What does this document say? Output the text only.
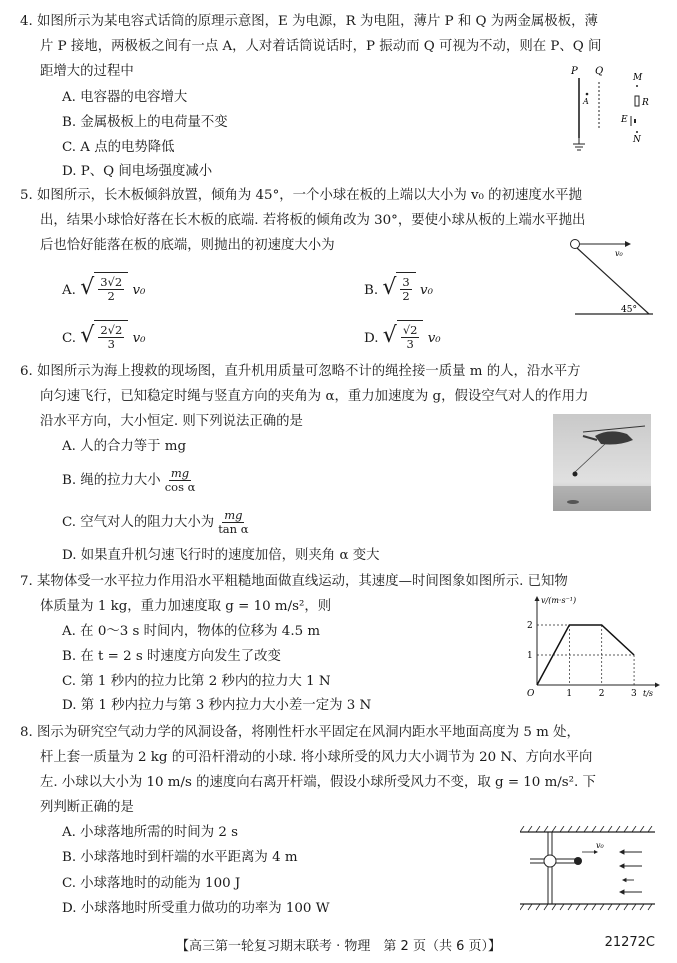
4. 如图所示为某电容式话筒的原理示意图，E 为电源，R 为电阻，薄片 P 和 Q 为两金属极板，薄
片 P 接地，两极板之间有一点 A，人对着话筒说话时，P 振动而 Q 可视为不动，则在 P、Q 间
距增大的过程中
A. 电容器的电容增大
B. 金属极板上的电荷量不变
C. A 点的电势降低
D. P、Q 间电场强度减小
P Q
A
M
R
E
N
5. 如图所示，长木板倾斜放置，倾角为 45°，一个小球在板的上端以大小为 v₀ 的初速度水平抛
出，结果小球恰好落在长木板的底端. 若将板的倾角改为 30°，要使小球从板的上端水平抛出
后也恰好能落在板的底端，则抛出的初速度大小为
A. √ $\frac{3√2}{2} v_0$	B. √ $\frac{3}{2} v_0$
C. √ $\frac{2√2}{3} v_0$	D. √ $\frac{√2}{3} v_0$
v₀
45°
6. 如图所示为海上搜救的现场图，直升机用质量可忽略不计的绳拴接一质量 m 的人，沿水平方
向匀速飞行，已知稳定时绳与竖直方向的夹角为 α，重力加速度为 g，假设空气对人的作用力
沿水平方向，大小恒定. 则下列说法正确的是
A. 人的合力等于 mg
B. 绳的拉力大小 $\frac{mg}{\text{cos α}}$
C. 空气对人的阻力大小为 $\frac{mg}{\text{tan α}}$
D. 如果直升机匀速飞行时的速度加倍，则夹角 α 变大
7. 某物体受一水平拉力作用沿水平粗糙地面做直线运动，其速度—时间图象如图所示. 已知物
体质量为 1 kg，重力加速度取 g = 10 m/s²，则
A. 在 0～3 s 时间内，物体的位移为 4.5 m
B. 在 t = 2 s 时速度方向发生了改变
C. 第 1 秒内的拉力比第 2 秒内的拉力大 1 N
D. 第 1 秒内拉力与第 3 秒内拉力大小差一定为 3 N
1	2	3
1
2
O	t/s
v/(m·s⁻¹)
8. 图示为研究空气动力学的风洞设备，将刚性杆水平固定在风洞内距水平地面高度为 5 m 处，
杆上套一质量为 2 kg 的可沿杆滑动的小球. 将小球所受的风力大小调节为 20 N、方向水平向
左. 小球以大小为 10 m/s 的速度向右离开杆端，假设小球所受风力不变，取 g = 10 m/s². 下
列判断正确的是
A. 小球落地所需的时间为 2 s
B. 小球落地时到杆端的水平距离为 4 m
C. 小球落地时的动能为 100 J
D. 小球落地时所受重力做功的功率为 100 W
v₀
【高三第一轮复习期末联考 · 物理　第 2 页（共 6 页）】	21272C
